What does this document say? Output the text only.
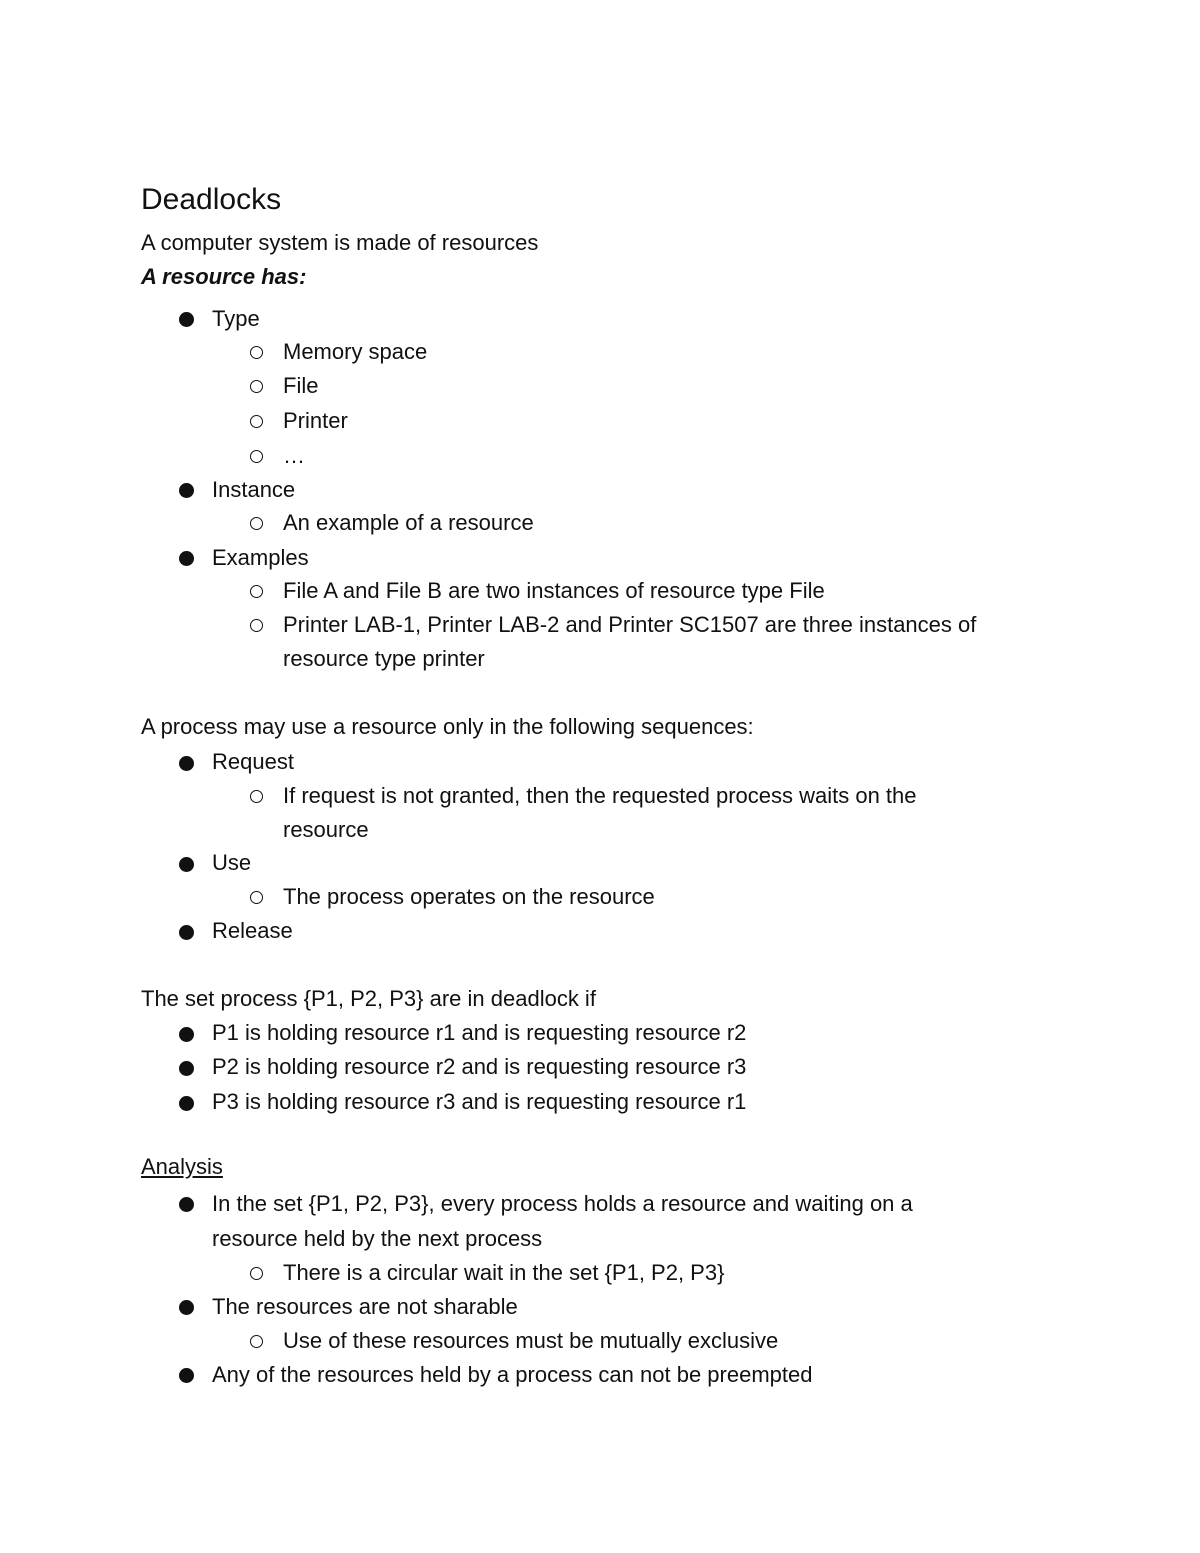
Deadlocks
A computer system is made of resources
A resource has:
Type
Memory space
File
Printer
…
Instance
An example of a resource
Examples
File A and File B are two instances of resource type File
Printer LAB-1, Printer LAB-2 and Printer SC1507 are three instances of
resource type printer
A process may use a resource only in the following sequences:
Request
If request is not granted, then the requested process waits on the
resource
Use
The process operates on the resource
Release
The set process {P1, P2, P3} are in deadlock if
P1 is holding resource r1 and is requesting resource r2
P2 is holding resource r2 and is requesting resource r3
P3 is holding resource r3 and is requesting resource r1
Analysis
In the set {P1, P2, P3}, every process holds a resource and waiting on a
resource held by the next process
There is a circular wait in the set {P1, P2, P3}
The resources are not sharable
Use of these resources must be mutually exclusive
Any of the resources held by a process can not be preempted
